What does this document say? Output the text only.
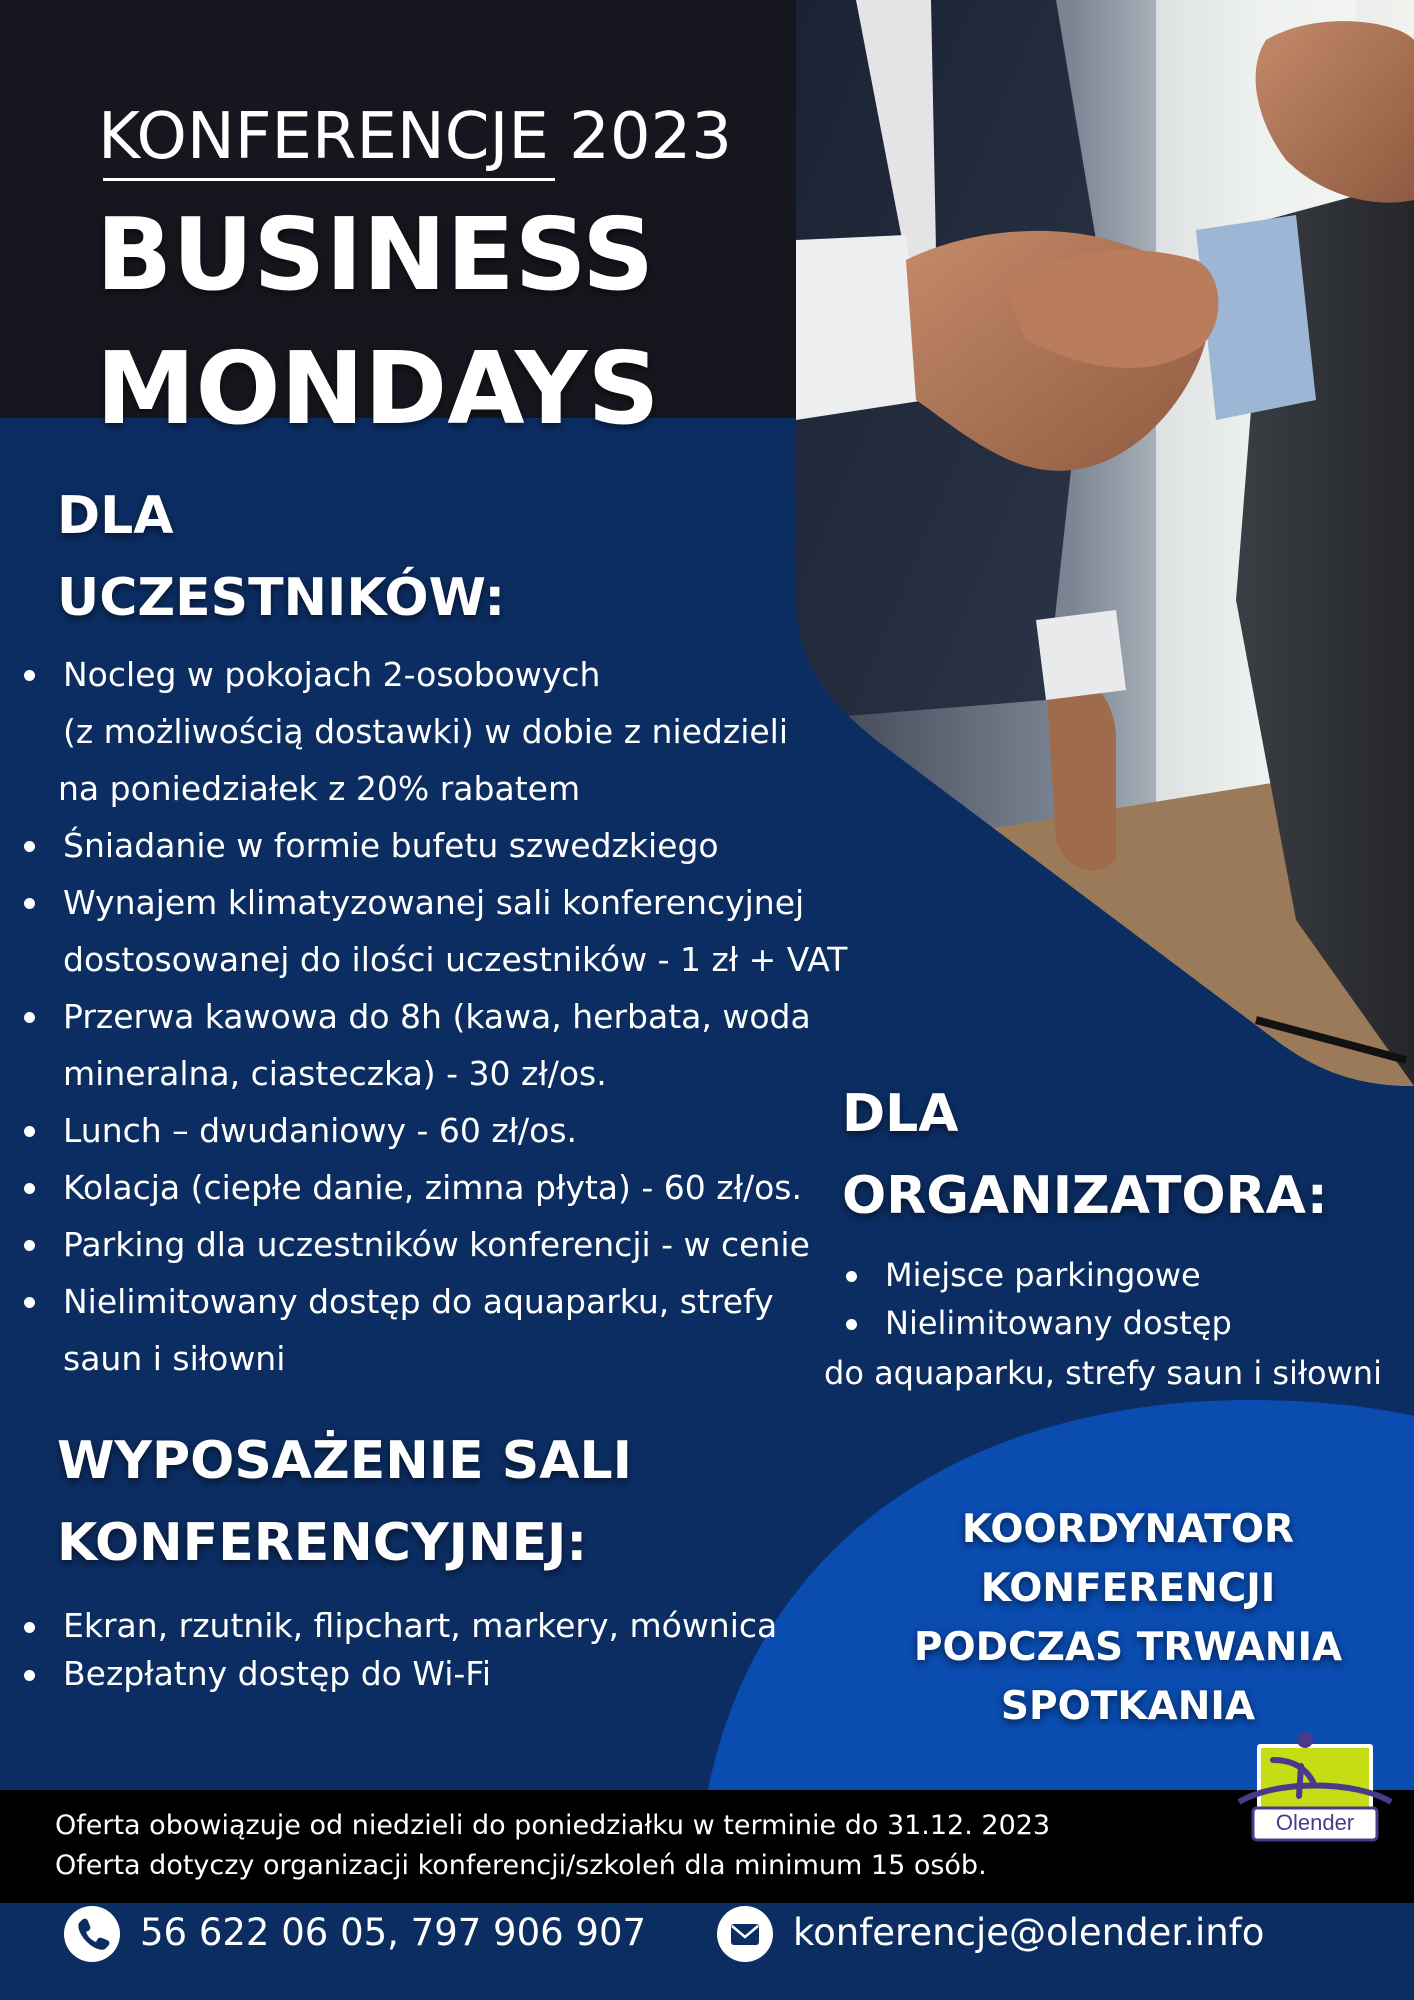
KONFERENCJE 2023
BUSINESS
MONDAYS
DLA
UCZESTNIKÓW:
Nocleg w pokojach 2-osobowych
(z możliwością dostawki) w dobie z niedzieli
na poniedziałek z 20% rabatem
Śniadanie w formie bufetu szwedzkiego
Wynajem klimatyzowanej sali konferencyjnej
dostosowanej do ilości uczestników - 1 zł + VAT
Przerwa kawowa do 8h (kawa, herbata, woda
mineralna, ciasteczka) - 30 zł/os.
Lunch – dwudaniowy - 60 zł/os.
Kolacja (ciepłe danie, zimna płyta) - 60 zł/os.
Parking dla uczestników konferencji - w cenie
Nielimitowany dostęp do aquaparku, strefy
saun i siłowni
DLA
ORGANIZATORA:
Miejsce parkingowe
Nielimitowany dostęp
do aquaparku, strefy saun i siłowni
WYPOSAŻENIE SALI
KONFERENCYJNEJ:
Ekran, rzutnik, flipchart, markery, mównica
Bezpłatny dostęp do Wi-Fi
KOORDYNATOR
KONFERENCJI
PODCZAS TRWANIA
SPOTKANIA
Oferta obowiązuje od niedzieli do poniedziałku w terminie do 31.12. 2023
Oferta dotyczy organizacji konferencji/szkoleń dla minimum 15 osób.
Olender
56 622 06 05, 797 906 907	konferencje@olender.info
